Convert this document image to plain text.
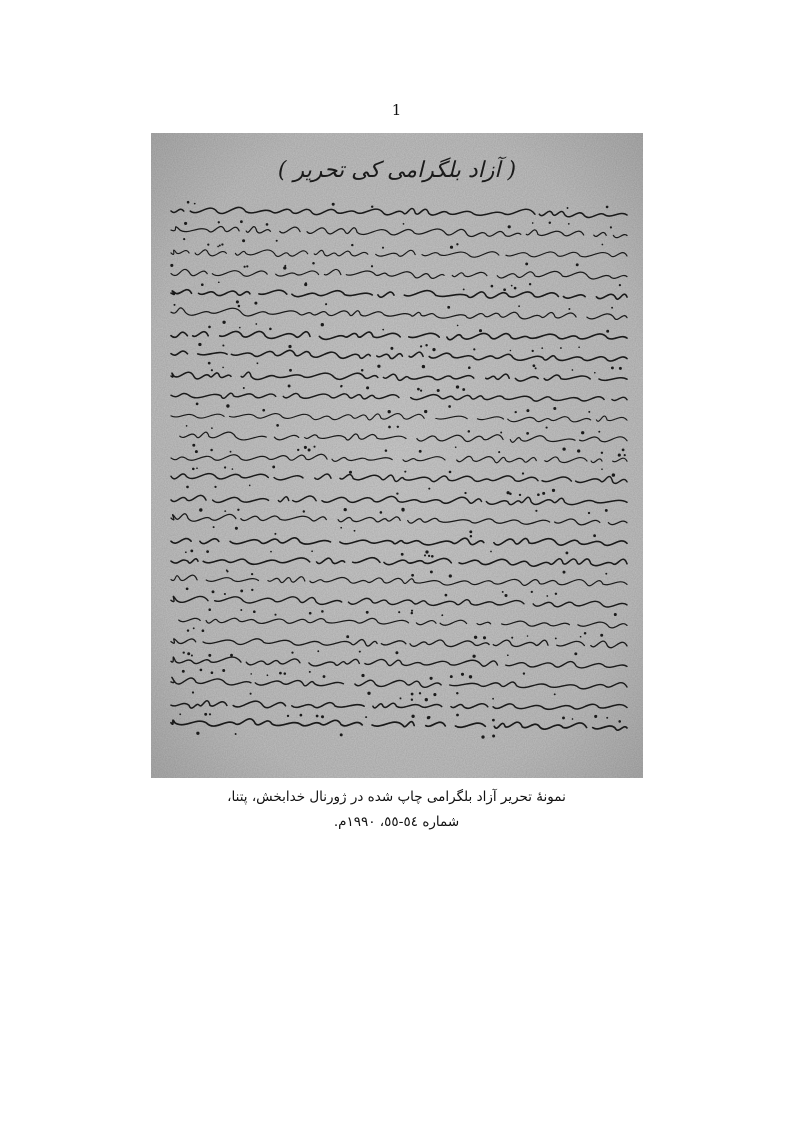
1
( آزاد بلگرامی کی تحریر )
نمونهٔ تحریر آزاد بلگرامی چاپ شده در ژورنال خدابخش، پتنا،
شماره ٥٤-٥٥، ۱۹۹۰م.
